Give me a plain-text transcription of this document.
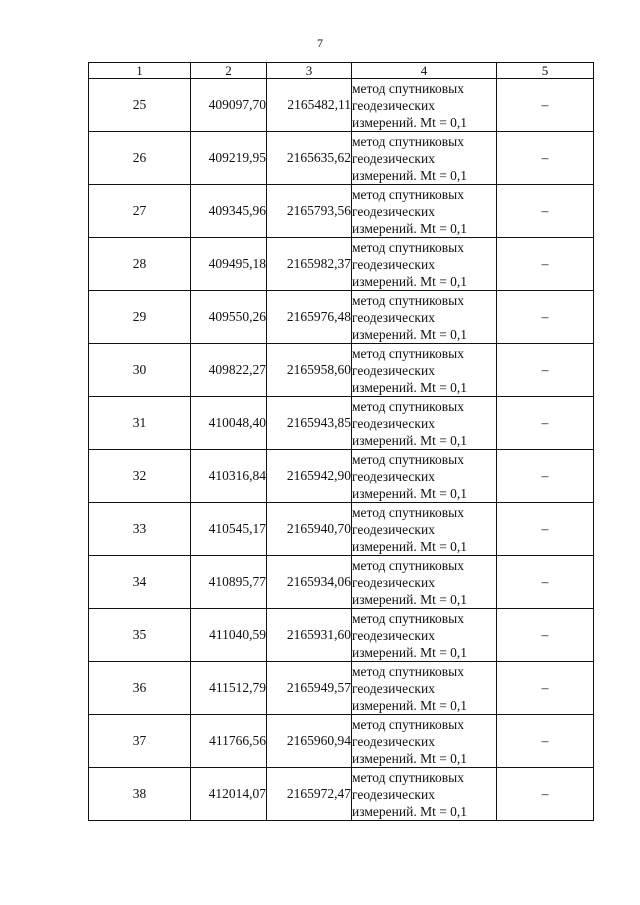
7
1	2	3	4	5
25	409097,70	2165482,11	метод спутниковых
геодезических
измерений. Mt = 0,1	–
26	409219,95	2165635,62	метод спутниковых
геодезических
измерений. Mt = 0,1	–
27	409345,96	2165793,56	метод спутниковых
геодезических
измерений. Mt = 0,1	–
28	409495,18	2165982,37	метод спутниковых
геодезических
измерений. Mt = 0,1	–
29	409550,26	2165976,48	метод спутниковых
геодезических
измерений. Mt = 0,1	–
30	409822,27	2165958,60	метод спутниковых
геодезических
измерений. Mt = 0,1	–
31	410048,40	2165943,85	метод спутниковых
геодезических
измерений. Mt = 0,1	–
32	410316,84	2165942,90	метод спутниковых
геодезических
измерений. Mt = 0,1	–
33	410545,17	2165940,70	метод спутниковых
геодезических
измерений. Mt = 0,1	–
34	410895,77	2165934,06	метод спутниковых
геодезических
измерений. Mt = 0,1	–
35	411040,59	2165931,60	метод спутниковых
геодезических
измерений. Mt = 0,1	–
36	411512,79	2165949,57	метод спутниковых
геодезических
измерений. Mt = 0,1	–
37	411766,56	2165960,94	метод спутниковых
геодезических
измерений. Mt = 0,1	–
38	412014,07	2165972,47	метод спутниковых
геодезических
измерений. Mt = 0,1	–
